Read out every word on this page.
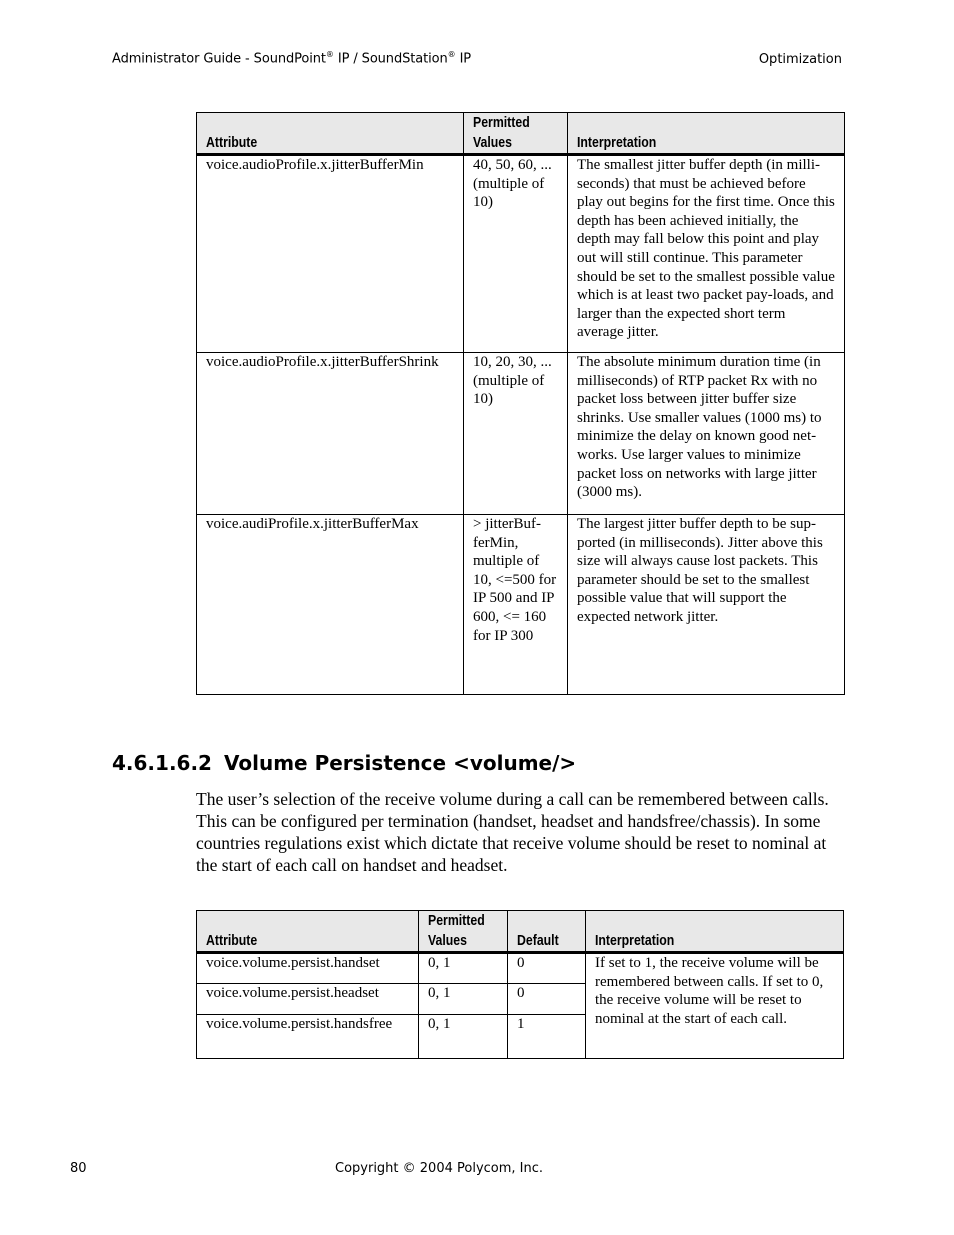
Administrator Guide - SoundPoint® IP / SoundStation® IP	Optimization
Attribute	Permitted Values	Interpretation
voice.audioProfile.x.jitterBufferMin	40, 50, 60, ... (multiple of 10)	The smallest jitter buffer depth (in milli-seconds) that must be achieved before play out begins for the first time. Once this depth has been achieved initially, the depth may fall below this point and play out will still continue. This parameter should be set to the smallest possible value which is at least two packet pay-loads, and larger than the expected short term average jitter.
voice.audioProfile.x.jitterBufferShrink	10, 20, 30, ... (multiple of 10)	The absolute minimum duration time (in milliseconds) of RTP packet Rx with no packet loss between jitter buffer size shrinks. Use smaller values (1000 ms) to minimize the delay on known good net-works. Use larger values to minimize packet loss on networks with large jitter (3000 ms).
voice.audiProfile.x.jitterBufferMax	> jitterBuf-ferMin, multiple of 10, <=500 for IP 500 and IP 600, <= 160 for IP 300	The largest jitter buffer depth to be sup-ported (in milliseconds). Jitter above this size will always cause lost packets. This parameter should be set to the smallest possible value that will support the expected network jitter.
4.6.1.6.2 Volume Persistence <volume/>
The user’s selection of the receive volume during a call can be remembered between calls. This can be configured per termination (handset, headset and handsfree/chassis). In some countries regulations exist which dictate that receive volume should be reset to nominal at the start of each call on handset and headset.
Attribute	Permitted Values	Default	Interpretation
voice.volume.persist.handset	0, 1	0	If set to 1, the receive volume will be remembered between calls. If set to 0, the receive volume will be reset to nominal at the start of each call.
voice.volume.persist.headset	0, 1	0	
voice.volume.persist.handsfree	0, 1	1	
80	Copyright © 2004 Polycom, Inc.
